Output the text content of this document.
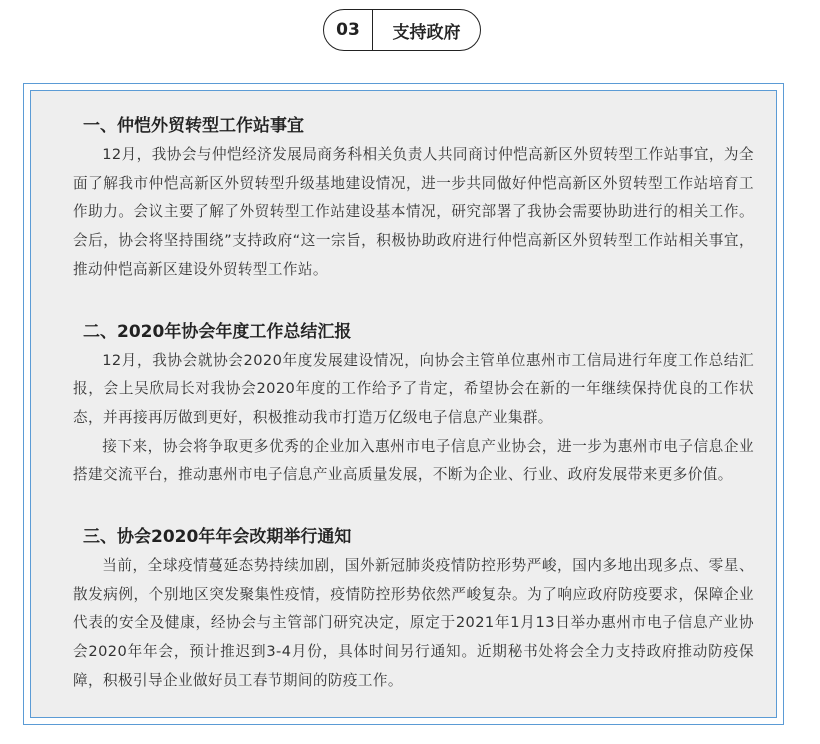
03	支持政府
一、仲恺外贸转型工作站事宜

12月，我协会与仲恺经济发展局商务科相关负责人共同商讨仲恺高新区外贸转型工作站事宜，为全面了解我市仲恺高新区外贸转型升级基地建设情况，进一步共同做好仲恺高新区外贸转型工作站培育工作助力。会议主要了解了外贸转型工作站建设基本情况，研究部署了我协会需要协助进行的相关工作。会后，协会将坚持围绕”支持政府“这一宗旨，积极协助政府进行仲恺高新区外贸转型工作站相关事宜，推动仲恺高新区建设外贸转型工作站。

二、2020年协会年度工作总结汇报

12月，我协会就协会2020年度发展建设情况，向协会主管单位惠州市工信局进行年度工作总结汇报，会上吴欣局长对我协会2020年度的工作给予了肯定，希望协会在新的一年继续保持优良的工作状态，并再接再厉做到更好，积极推动我市打造万亿级电子信息产业集群。

接下来，协会将争取更多优秀的企业加入惠州市电子信息产业协会，进一步为惠州市电子信息企业搭建交流平台，推动惠州市电子信息产业高质量发展，不断为企业、行业、政府发展带来更多价值。

三、协会2020年年会改期举行通知

当前，全球疫情蔓延态势持续加剧，国外新冠肺炎疫情防控形势严峻，国内多地出现多点、零星、散发病例，个别地区突发聚集性疫情，疫情防控形势依然严峻复杂。为了响应政府防疫要求，保障企业代表的安全及健康，经协会与主管部门研究决定，原定于2021年1月13日举办惠州市电子信息产业协会2020年年会，预计推迟到3-4月份，具体时间另行通知。近期秘书处将会全力支持政府推动防疫保障，积极引导企业做好员工春节期间的防疫工作。
